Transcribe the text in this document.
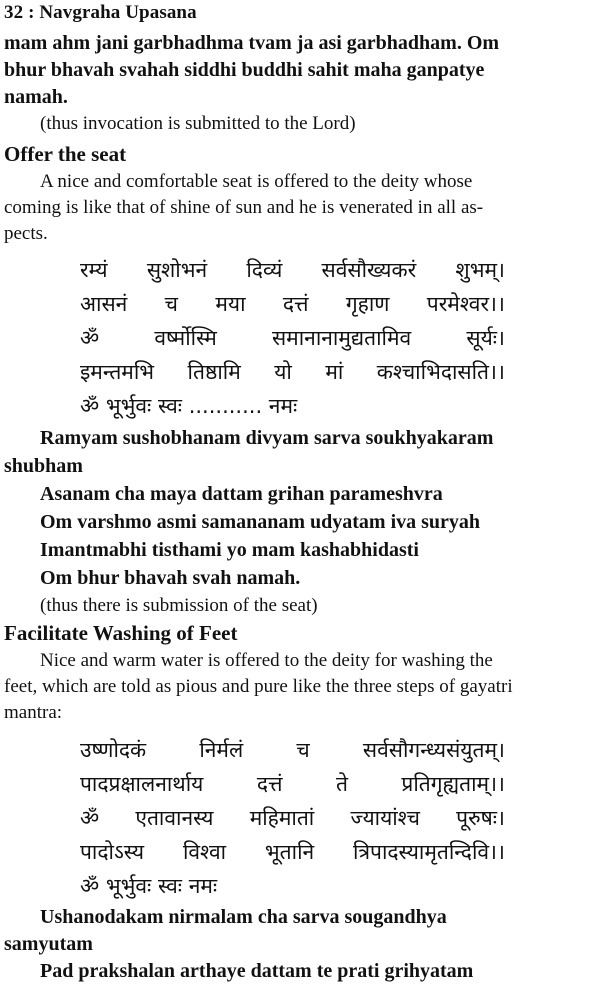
32 : Navgraha Upasana
mam ahm jani garbhadhma tvam ja asi garbhadham. Om
bhur bhavah svahah siddhi buddhi sahit maha ganpatye
namah.
(thus invocation is submitted to the Lord)
Offer the seat
A nice and comfortable seat is offered to the deity whose
coming is like that of shine of sun and he is venerated in all as-
pects.
रम्यं सुशोभनं दिव्यं सर्वसौख्यकरं शुभम्।
आसनं च मया दत्तं गृहाण परमेश्वर।।
ॐ	वर्ष्मोस्मि	समानानामुद्यतामिव	सूर्यः।
इमन्तमभि तिष्ठामि यो मां कश्चाभिदासति।।
ॐ भूर्भुवः स्वः ........... नमः
Ramyam sushobhanam divyam sarva soukhyakaram
shubham
Asanam cha maya dattam grihan parameshvra
Om varshmo asmi samananam udyatam iva suryah
Imantmabhi tisthami yo mam kashabhidasti
Om bhur bhavah svah namah.
(thus there is submission of the seat)
Facilitate Washing of Feet
Nice and warm water is offered to the deity for washing the
feet, which are told as pious and pure like the three steps of gayatri
mantra:
उष्णोदकं	निर्मलं	च	सर्वसौगन्ध्यसंयुतम्।
पादप्रक्षालनार्थाय	दत्तं	ते	प्रतिगृह्यताम्।।
ॐ एतावानस्य महिमातां ज्यायांश्च पूरुषः।
पादोऽस्य विश्वा भूतानि त्रिपादस्यामृतन्दिवि।।
ॐ भूर्भुवः स्वः नमः
Ushanodakam nirmalam cha sarva sougandhya
samyutam
Pad prakshalan arthaye dattam te prati grihyatam
